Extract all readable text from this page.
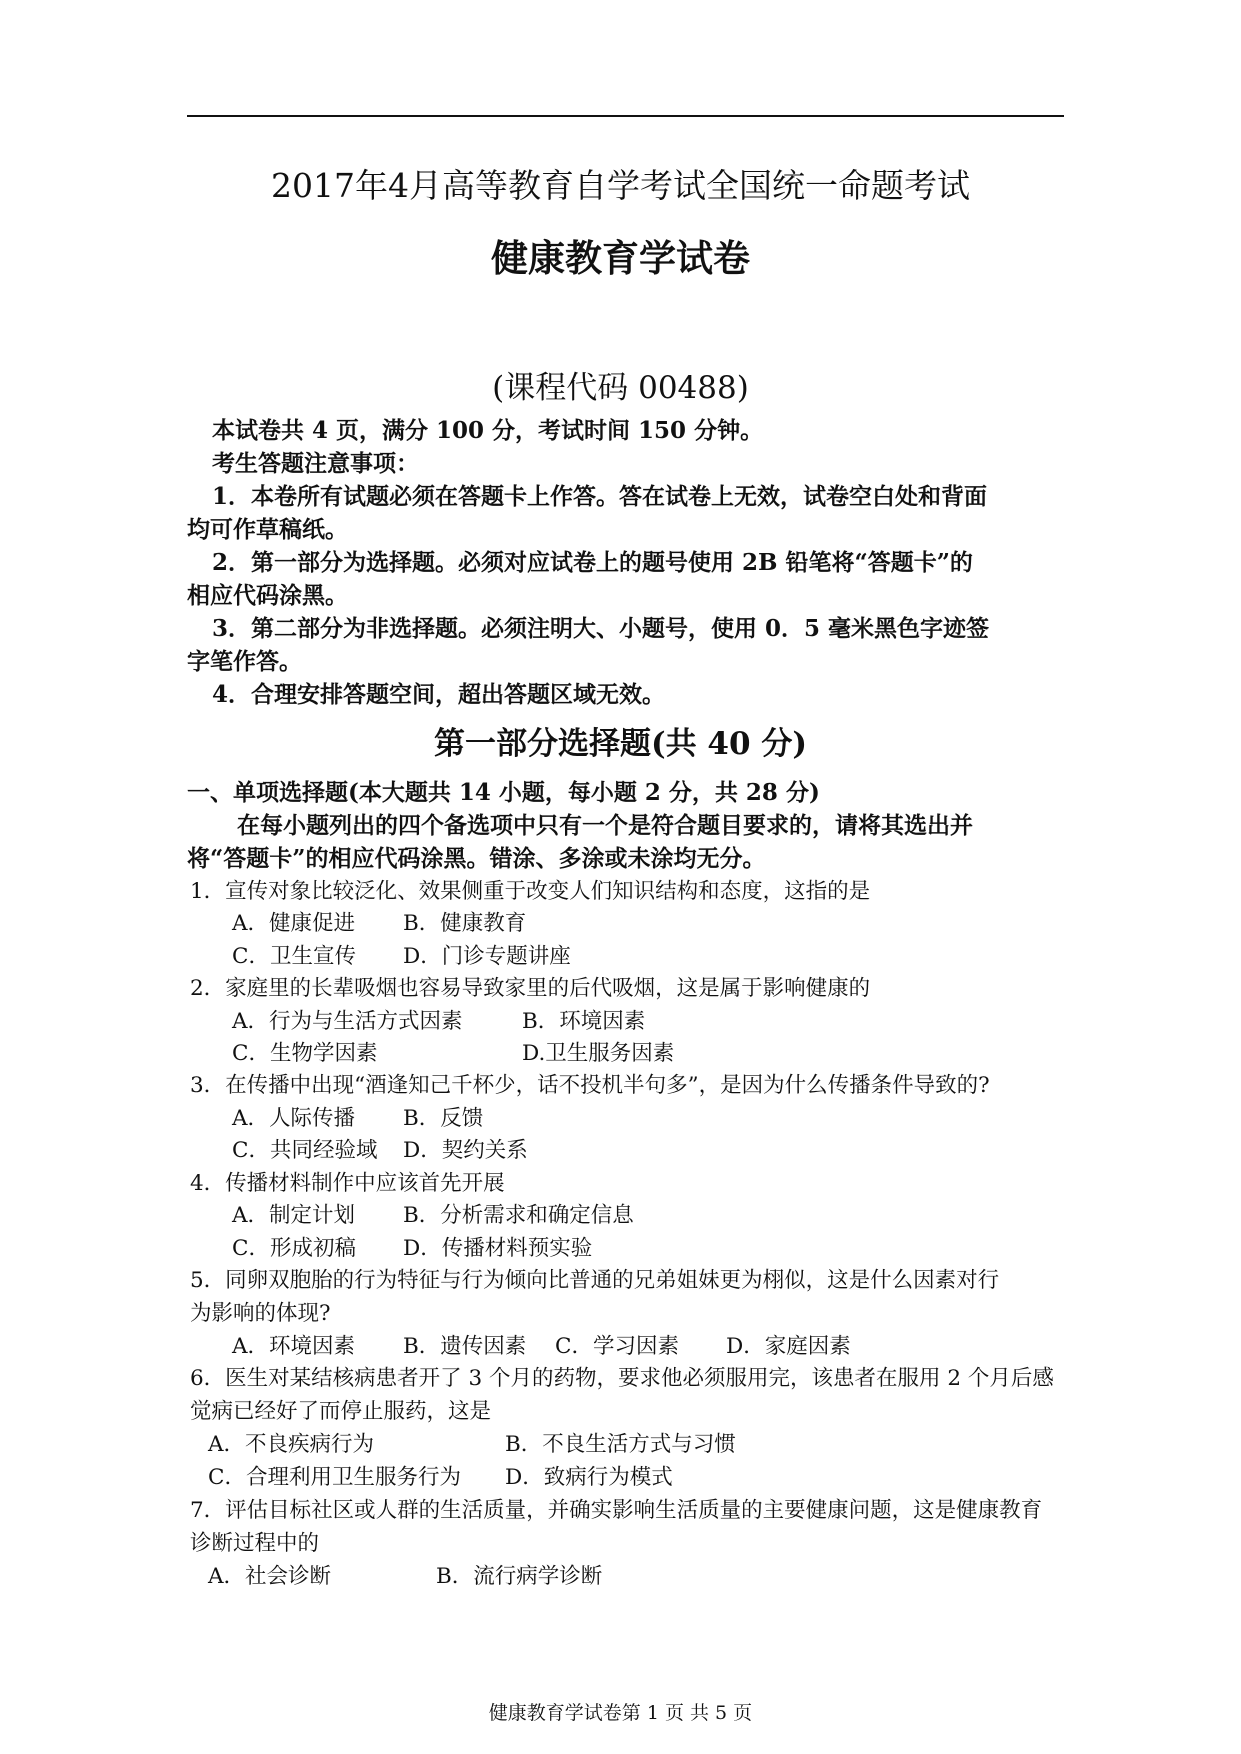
2017年4月高等教育自学考试全国统一命题考试
健康教育学试卷
(课程代码 00488)
本试卷共 4 页，满分 100 分，考试时间 150 分钟。
考生答题注意事项：
1．本卷所有试题必须在答题卡上作答。答在试卷上无效，试卷空白处和背面
均可作草稿纸。
2．第一部分为选择题。必须对应试卷上的题号使用 2B 铅笔将“答题卡”的
相应代码涂黑。
3．第二部分为非选择题。必须注明大、小题号，使用 0．5 毫米黑色字迹签
字笔作答。
4．合理安排答题空间，超出答题区域无效。
第一部分选择题(共 40 分)
一、单项选择题(本大题共 14 小题，每小题 2 分，共 28 分)
在每小题列出的四个备选项中只有一个是符合题目要求的，请将其选出并
将“答题卡”的相应代码涂黑。错涂、多涂或未涂均无分。
1．宣传对象比较泛化、效果侧重于改变人们知识结构和态度，这指的是
A．健康促进 B．健康教育
C．卫生宣传 D．门诊专题讲座
2．家庭里的长辈吸烟也容易导致家里的后代吸烟，这是属于影响健康的
A．行为与生活方式因素	B．环境因素
C．生物学因素	D.卫生服务因素
3．在传播中出现“酒逢知己千杯少，话不投机半句多”，是因为什么传播条件导致的?
A．人际传播 B．反馈
C．共同经验域 D．契约关系
4．传播材料制作中应该首先开展
A．制定计划 B．分析需求和确定信息
C．形成初稿 D．传播材料预实验
5．同卵双胞胎的行为特征与行为倾向比普通的兄弟姐妹更为栩似，这是什么因素对行
为影响的体现?
A．环境因素 B．遗传因素 C．学习因素 D．家庭因素
6．医生对某结核病患者开了 3 个月的药物，要求他必须服用完，该患者在服用 2 个月后感
觉病已经好了而停止服药，这是
A．不良疾病行为	B．不良生活方式与习惯
C．合理利用卫生服务行为 D．致病行为模式
7．评估目标社区或人群的生活质量，并确实影响生活质量的主要健康问题，这是健康教育
诊断过程中的
A．社会诊断	B．流行病学诊断
健康教育学试卷第 1 页 共 5 页
